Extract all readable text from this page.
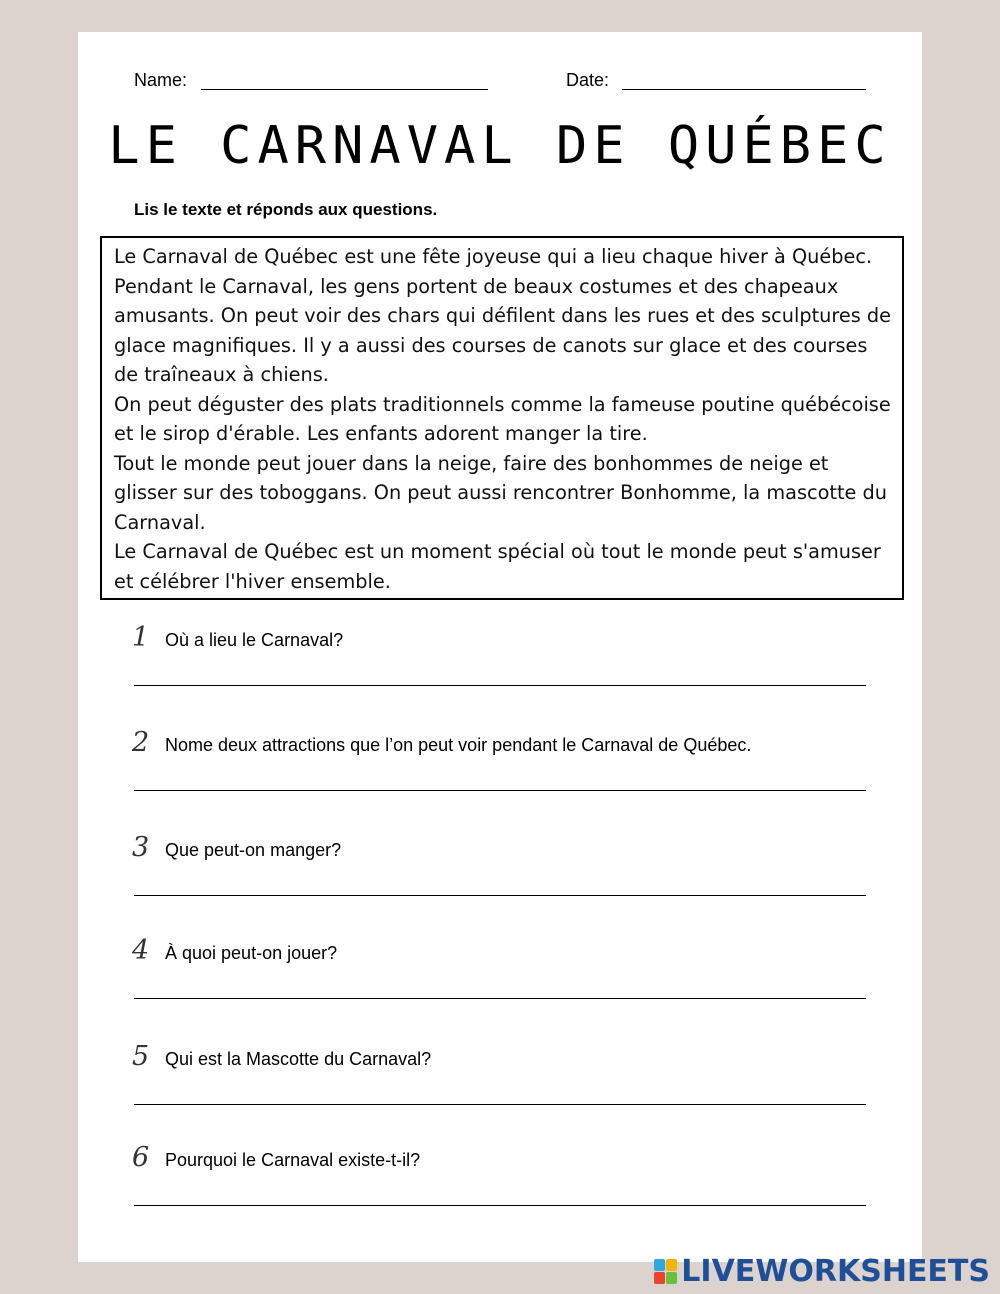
Name:	Date:
LE CARNAVAL DE QUÉBEC
Lis le texte et réponds aux questions.

Le Carnaval de Québec est une fête joyeuse qui a lieu chaque hiver à Québec. Pendant le Carnaval, les gens portent de beaux costumes et des chapeaux amusants. On peut voir des chars qui défilent dans les rues et des sculptures de glace magnifiques. Il y a aussi des courses de canots sur glace et des courses de traîneaux à chiens.

On peut déguster des plats traditionnels comme la fameuse poutine québécoise et le sirop d'érable. Les enfants adorent manger la tire.

Tout le monde peut jouer dans la neige, faire des bonhommes de neige et glisser sur des toboggans. On peut aussi rencontrer Bonhomme, la mascotte du Carnaval.

Le Carnaval de Québec est un moment spécial où tout le monde peut s'amuser et célébrer l'hiver ensemble.

1 Où a lieu le Carnaval?
2 Nome deux attractions que l’on peut voir pendant le Carnaval de Québec.
3 Que peut-on manger?
4 À quoi peut-on jouer?
5 Qui est la Mascotte du Carnaval?
6 Pourquoi le Carnaval existe-t-il?
LIVEWORKSHEETS
